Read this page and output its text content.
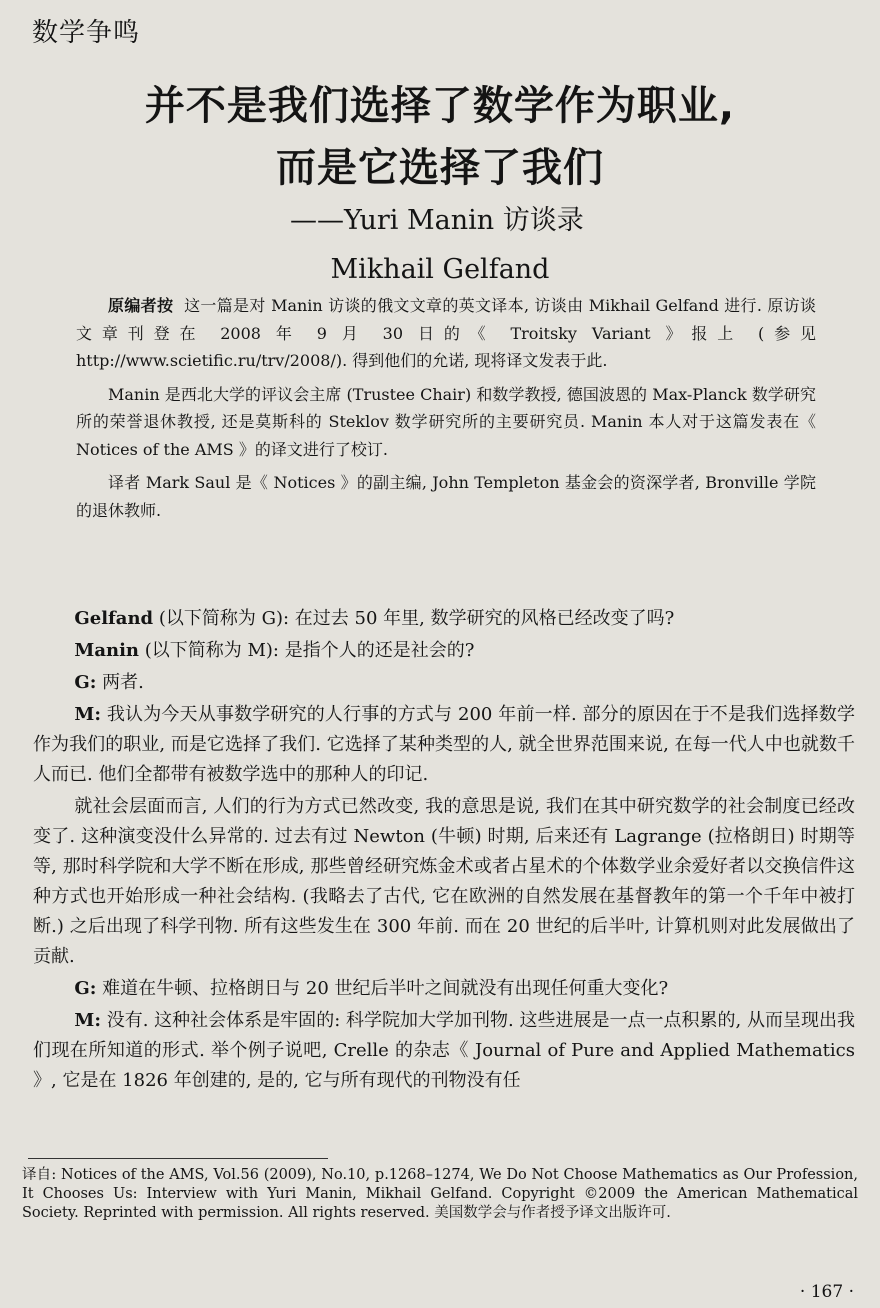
数学争鸣
并不是我们选择了数学作为职业,
而是它选择了我们
——Yuri Manin 访谈录
Mikhail Gelfand

原编者按 这一篇是对 Manin 访谈的俄文文章的英文译本, 访谈由 Mikhail Gelfand 进行. 原访谈文章刊登在 2008 年 9 月 30 日的《 Troitsky Variant 》报上 (参见 http://www.scietific.ru/trv/2008/). 得到他们的允诺, 现将译文发表于此.

Manin 是西北大学的评议会主席 (Trustee Chair) 和数学教授, 德国波恩的 Max-Planck 数学研究所的荣誉退休教授, 还是莫斯科的 Steklov 数学研究所的主要研究员. Manin 本人对于这篇发表在《 Notices of the AMS 》的译文进行了校订.

译者 Mark Saul 是《 Notices 》的副主编, John Templeton 基金会的资深学者, Bronville 学院的退休教师.

Gelfand (以下简称为 G): 在过去 50 年里, 数学研究的风格已经改变了吗?

Manin (以下简称为 M): 是指个人的还是社会的?

G: 两者.

M: 我认为今天从事数学研究的人行事的方式与 200 年前一样. 部分的原因在于不是我们选择数学作为我们的职业, 而是它选择了我们. 它选择了某种类型的人, 就全世界范围来说, 在每一代人中也就数千人而已. 他们全都带有被数学选中的那种人的印记.

就社会层面而言, 人们的行为方式已然改变, 我的意思是说, 我们在其中研究数学的社会制度已经改变了. 这种演变没什么异常的. 过去有过 Newton (牛顿) 时期, 后来还有 Lagrange (拉格朗日) 时期等等, 那时科学院和大学不断在形成, 那些曾经研究炼金术或者占星术的个体数学业余爱好者以交换信件这种方式也开始形成一种社会结构. (我略去了古代, 它在欧洲的自然发展在基督教年的第一个千年中被打断.) 之后出现了科学刊物. 所有这些发生在 300 年前. 而在 20 世纪的后半叶, 计算机则对此发展做出了贡献.

G: 难道在牛顿、拉格朗日与 20 世纪后半叶之间就没有出现任何重大变化?

M: 没有. 这种社会体系是牢固的: 科学院加大学加刊物. 这些进展是一点一点积累的, 从而呈现出我们现在所知道的形式. 举个例子说吧, Crelle 的杂志《 Journal of Pure and Applied Mathematics 》, 它是在 1826 年创建的, 是的, 它与所有现代的刊物没有任

译自: Notices of the AMS, Vol.56 (2009), No.10, p.1268–1274, We Do Not Choose Mathematics as Our Profession, It Chooses Us: Interview with Yuri Manin, Mikhail Gelfand. Copyright ©2009 the American Mathematical Society. Reprinted with permission. All rights reserved. 美国数学会与作者授予译文出版许可.
· 167 ·
